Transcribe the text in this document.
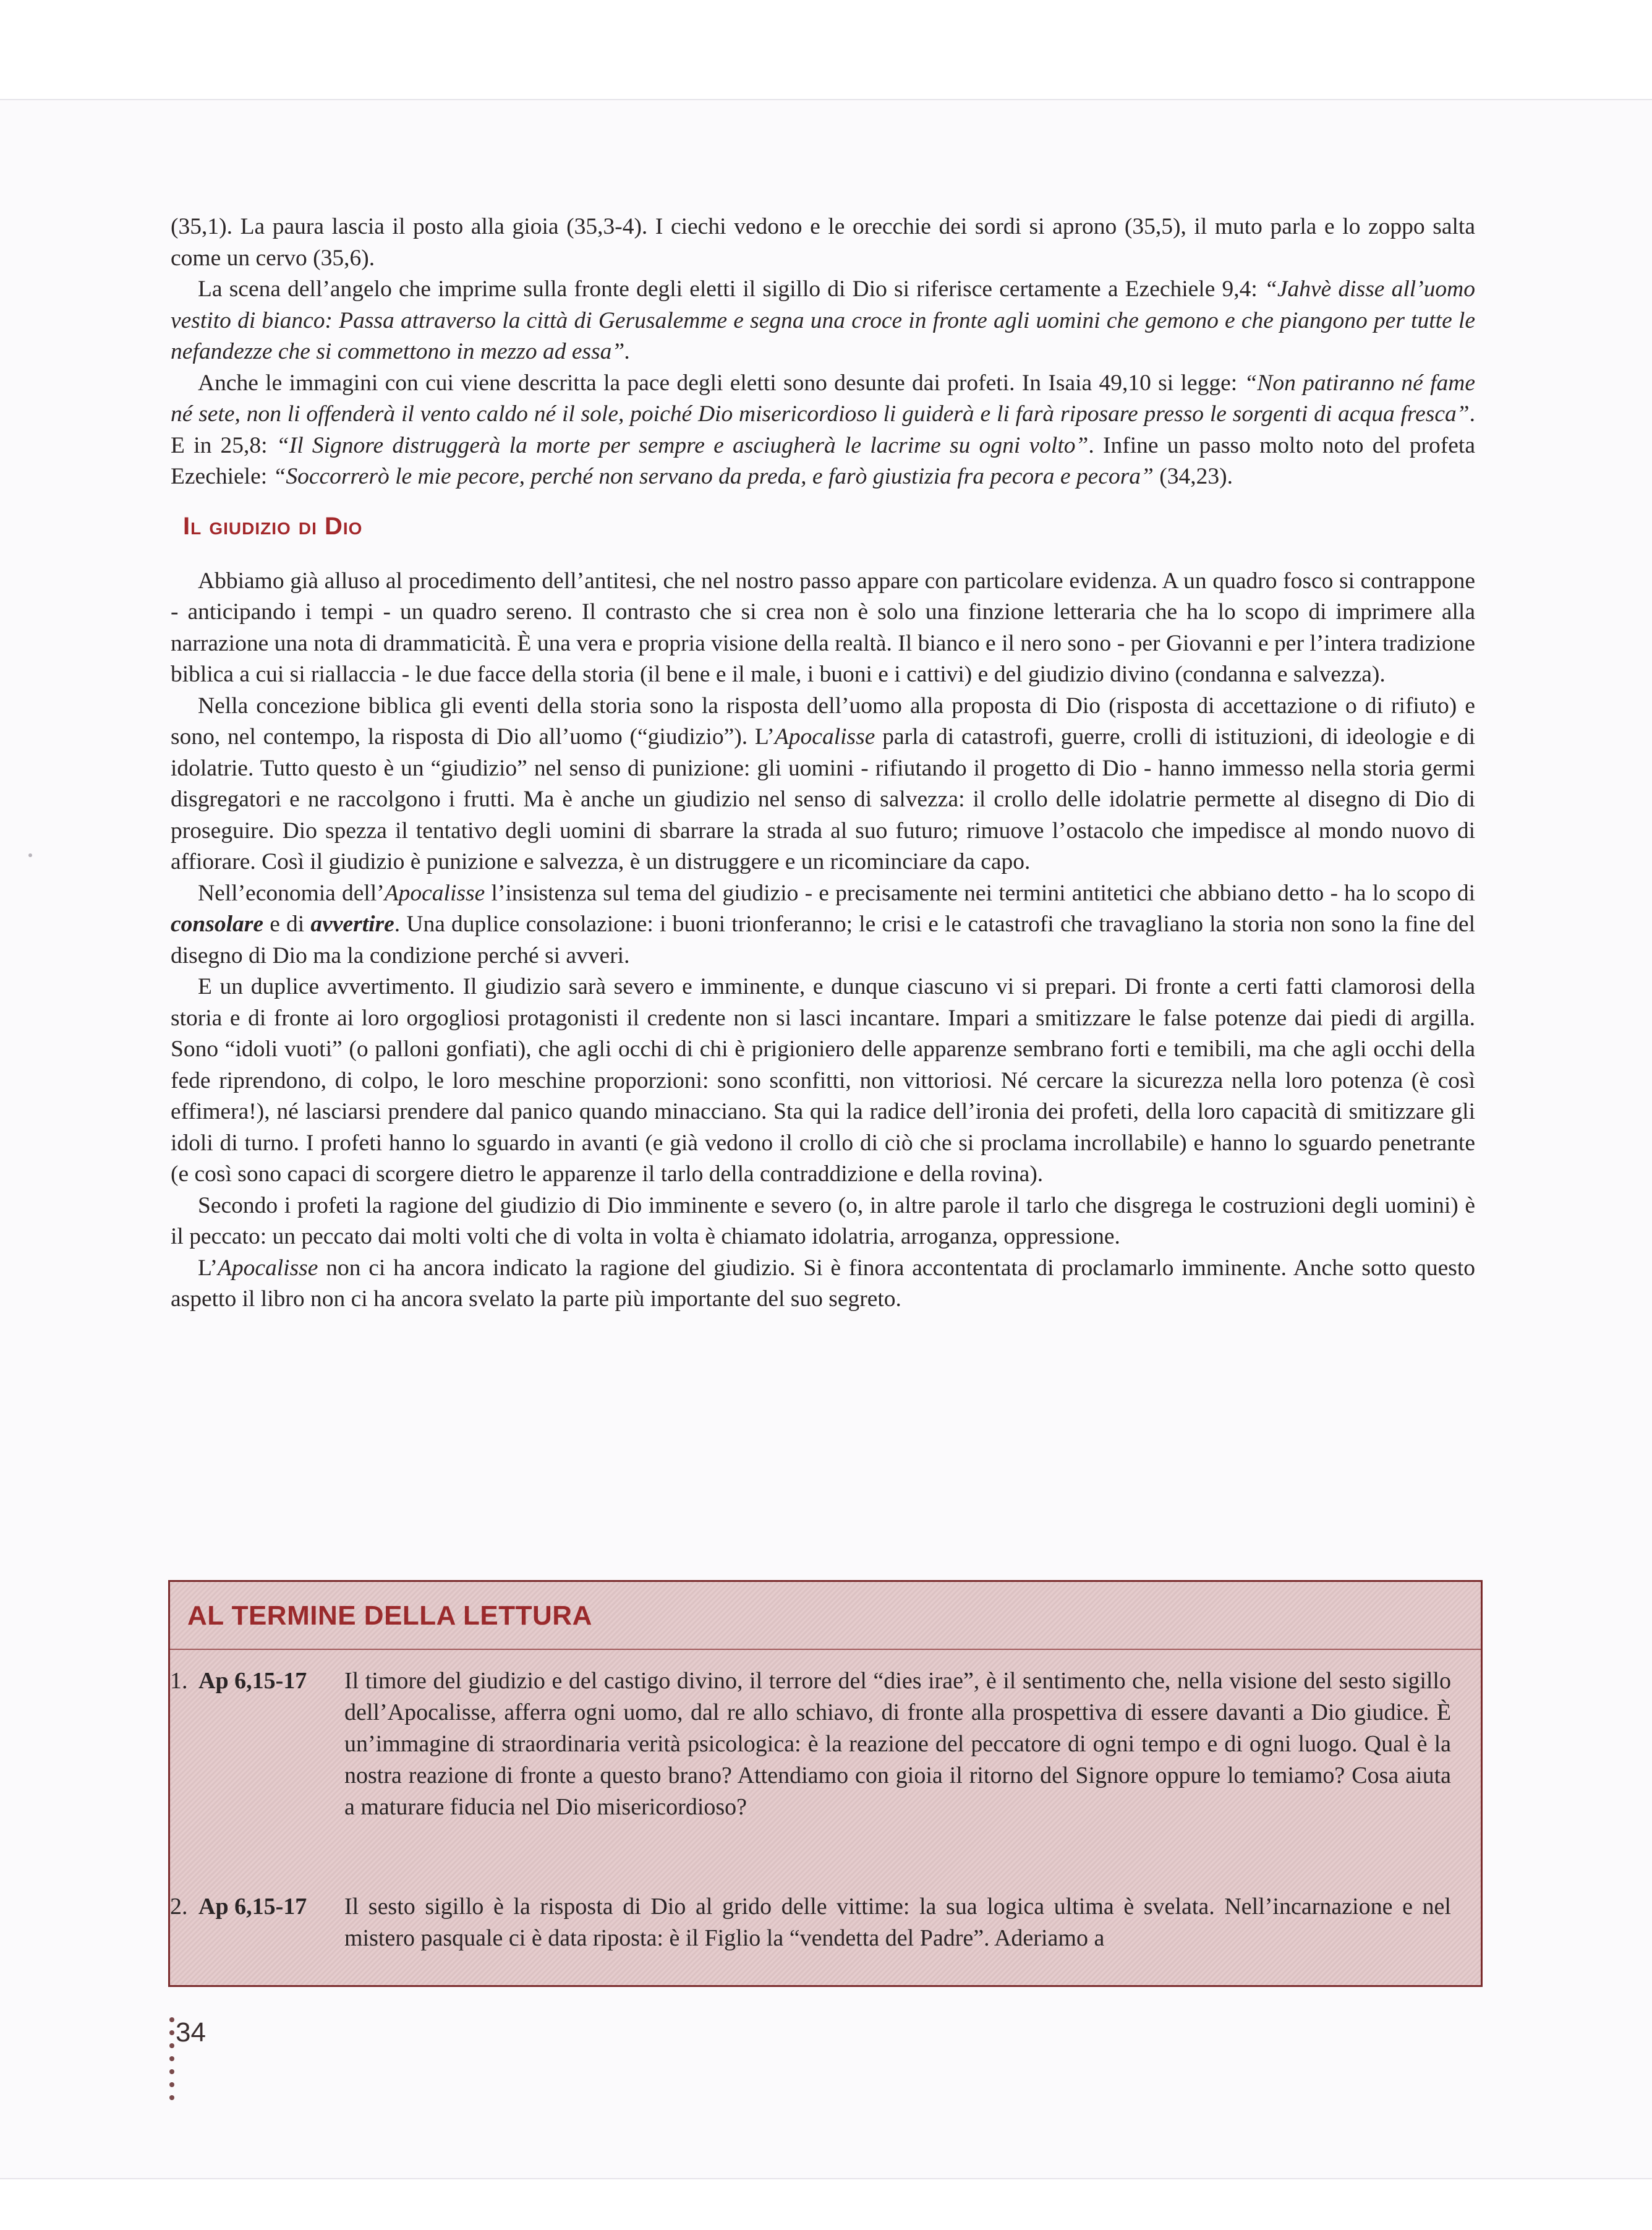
(35,1). La paura lascia il posto alla gioia (35,3-4). I ciechi vedono e le orecchie dei sordi si aprono (35,5), il muto parla e lo zoppo salta come un cervo (35,6).

La scena dell’angelo che imprime sulla fronte degli eletti il sigillo di Dio si riferisce certamente a Ezechiele 9,4: “Jahvè disse all’uomo vestito di bianco: Passa attraverso la città di Gerusalemme e segna una croce in fronte agli uomini che gemono e che piangono per tutte le nefandezze che si commettono in mezzo ad essa”.

Anche le immagini con cui viene descritta la pace degli eletti sono desunte dai profeti. In Isaia 49,10 si legge: “Non patiranno né fame né sete, non li offenderà il vento caldo né il sole, poiché Dio misericordioso li guiderà e li farà riposare presso le sorgenti di acqua fresca”. E in 25,8: “Il Signore distruggerà la morte per sempre e asciugherà le lacrime su ogni volto”. Infine un passo molto noto del profeta Ezechiele: “Soccorrerò le mie pecore, perché non servano da preda, e farò giustizia fra pecora e pecora” (34,23).

Il giudizio di Dio

Abbiamo già alluso al procedimento dell’antitesi, che nel nostro passo appare con particolare evidenza. A un quadro fosco si contrappone - anticipando i tempi - un quadro sereno. Il contrasto che si crea non è solo una finzione letteraria che ha lo scopo di imprimere alla narrazione una nota di drammaticità. È una vera e propria visione della realtà. Il bianco e il nero sono - per Giovanni e per l’intera tradizione biblica a cui si riallaccia - le due facce della storia (il bene e il male, i buoni e i cattivi) e del giudizio divino (condanna e salvezza).

Nella concezione biblica gli eventi della storia sono la risposta dell’uomo alla proposta di Dio (risposta di accettazione o di rifiuto) e sono, nel contempo, la risposta di Dio all’uomo (“giudizio”). L’Apocalisse parla di catastrofi, guerre, crolli di istituzioni, di ideologie e di idolatrie. Tutto questo è un “giudizio” nel senso di punizione: gli uomini - rifiutando il progetto di Dio - hanno immesso nella storia germi disgregatori e ne raccolgono i frutti. Ma è anche un giudizio nel senso di salvezza: il crollo delle idolatrie permette al disegno di Dio di proseguire. Dio spezza il tentativo degli uomini di sbarrare la strada al suo futuro; rimuove l’ostacolo che impedisce al mondo nuovo di affiorare. Così il giudizio è punizione e salvezza, è un distruggere e un ricominciare da capo.

Nell’economia dell’Apocalisse l’insistenza sul tema del giudizio - e precisamente nei termini antitetici che abbiano detto - ha lo scopo di consolare e di avvertire. Una duplice consolazione: i buoni trionferanno; le crisi e le catastrofi che travagliano la storia non sono la fine del disegno di Dio ma la condizione perché si avveri.

E un duplice avvertimento. Il giudizio sarà severo e imminente, e dunque ciascuno vi si prepari. Di fronte a certi fatti clamorosi della storia e di fronte ai loro orgogliosi protagonisti il credente non si lasci incantare. Impari a smitizzare le false potenze dai piedi di argilla. Sono “idoli vuoti” (o palloni gonfiati), che agli occhi di chi è prigioniero delle apparenze sembrano forti e temibili, ma che agli occhi della fede riprendono, di colpo, le loro meschine proporzioni: sono sconfitti, non vittoriosi. Né cercare la sicurezza nella loro potenza (è così effimera!), né lasciarsi prendere dal panico quando minacciano. Sta qui la radice dell’ironia dei profeti, della loro capacità di smitizzare gli idoli di turno. I profeti hanno lo sguardo in avanti (e già vedono il crollo di ciò che si proclama incrollabile) e hanno lo sguardo penetrante (e così sono capaci di scorgere dietro le apparenze il tarlo della contraddizione e della rovina).

Secondo i profeti la ragione del giudizio di Dio imminente e severo (o, in altre parole il tarlo che disgrega le costruzioni degli uomini) è il peccato: un peccato dai molti volti che di volta in volta è chiamato idolatria, arroganza, oppressione.

L’Apocalisse non ci ha ancora indicato la ragione del giudizio. Si è finora accontentata di proclamarlo imminente. Anche sotto questo aspetto il libro non ci ha ancora svelato la parte più importante del suo segreto.

AL TERMINE DELLA LETTURA
1. Ap 6,15-17	Il timore del giudizio e del castigo divino, il terrore del “dies irae”, è il sentimento che, nella visione del sesto sigillo dell’Apocalisse, afferra ogni uomo, dal re allo schiavo, di fronte alla prospettiva di essere davanti a Dio giudice. È un’immagine di straordinaria verità psicologica: è la reazione del peccatore di ogni tempo e di ogni luogo. Qual è la nostra reazione di fronte a questo brano? Attendiamo con gioia il ritorno del Signore oppure lo temiamo? Cosa aiuta a maturare fiducia nel Dio misericordioso?
2. Ap 6,15-17	Il sesto sigillo è la risposta di Dio al grido delle vittime: la sua logica ultima è svelata. Nell’incarnazione e nel mistero pasquale ci è data riposta: è il Figlio la “vendetta del Padre”. Aderiamo a
34
